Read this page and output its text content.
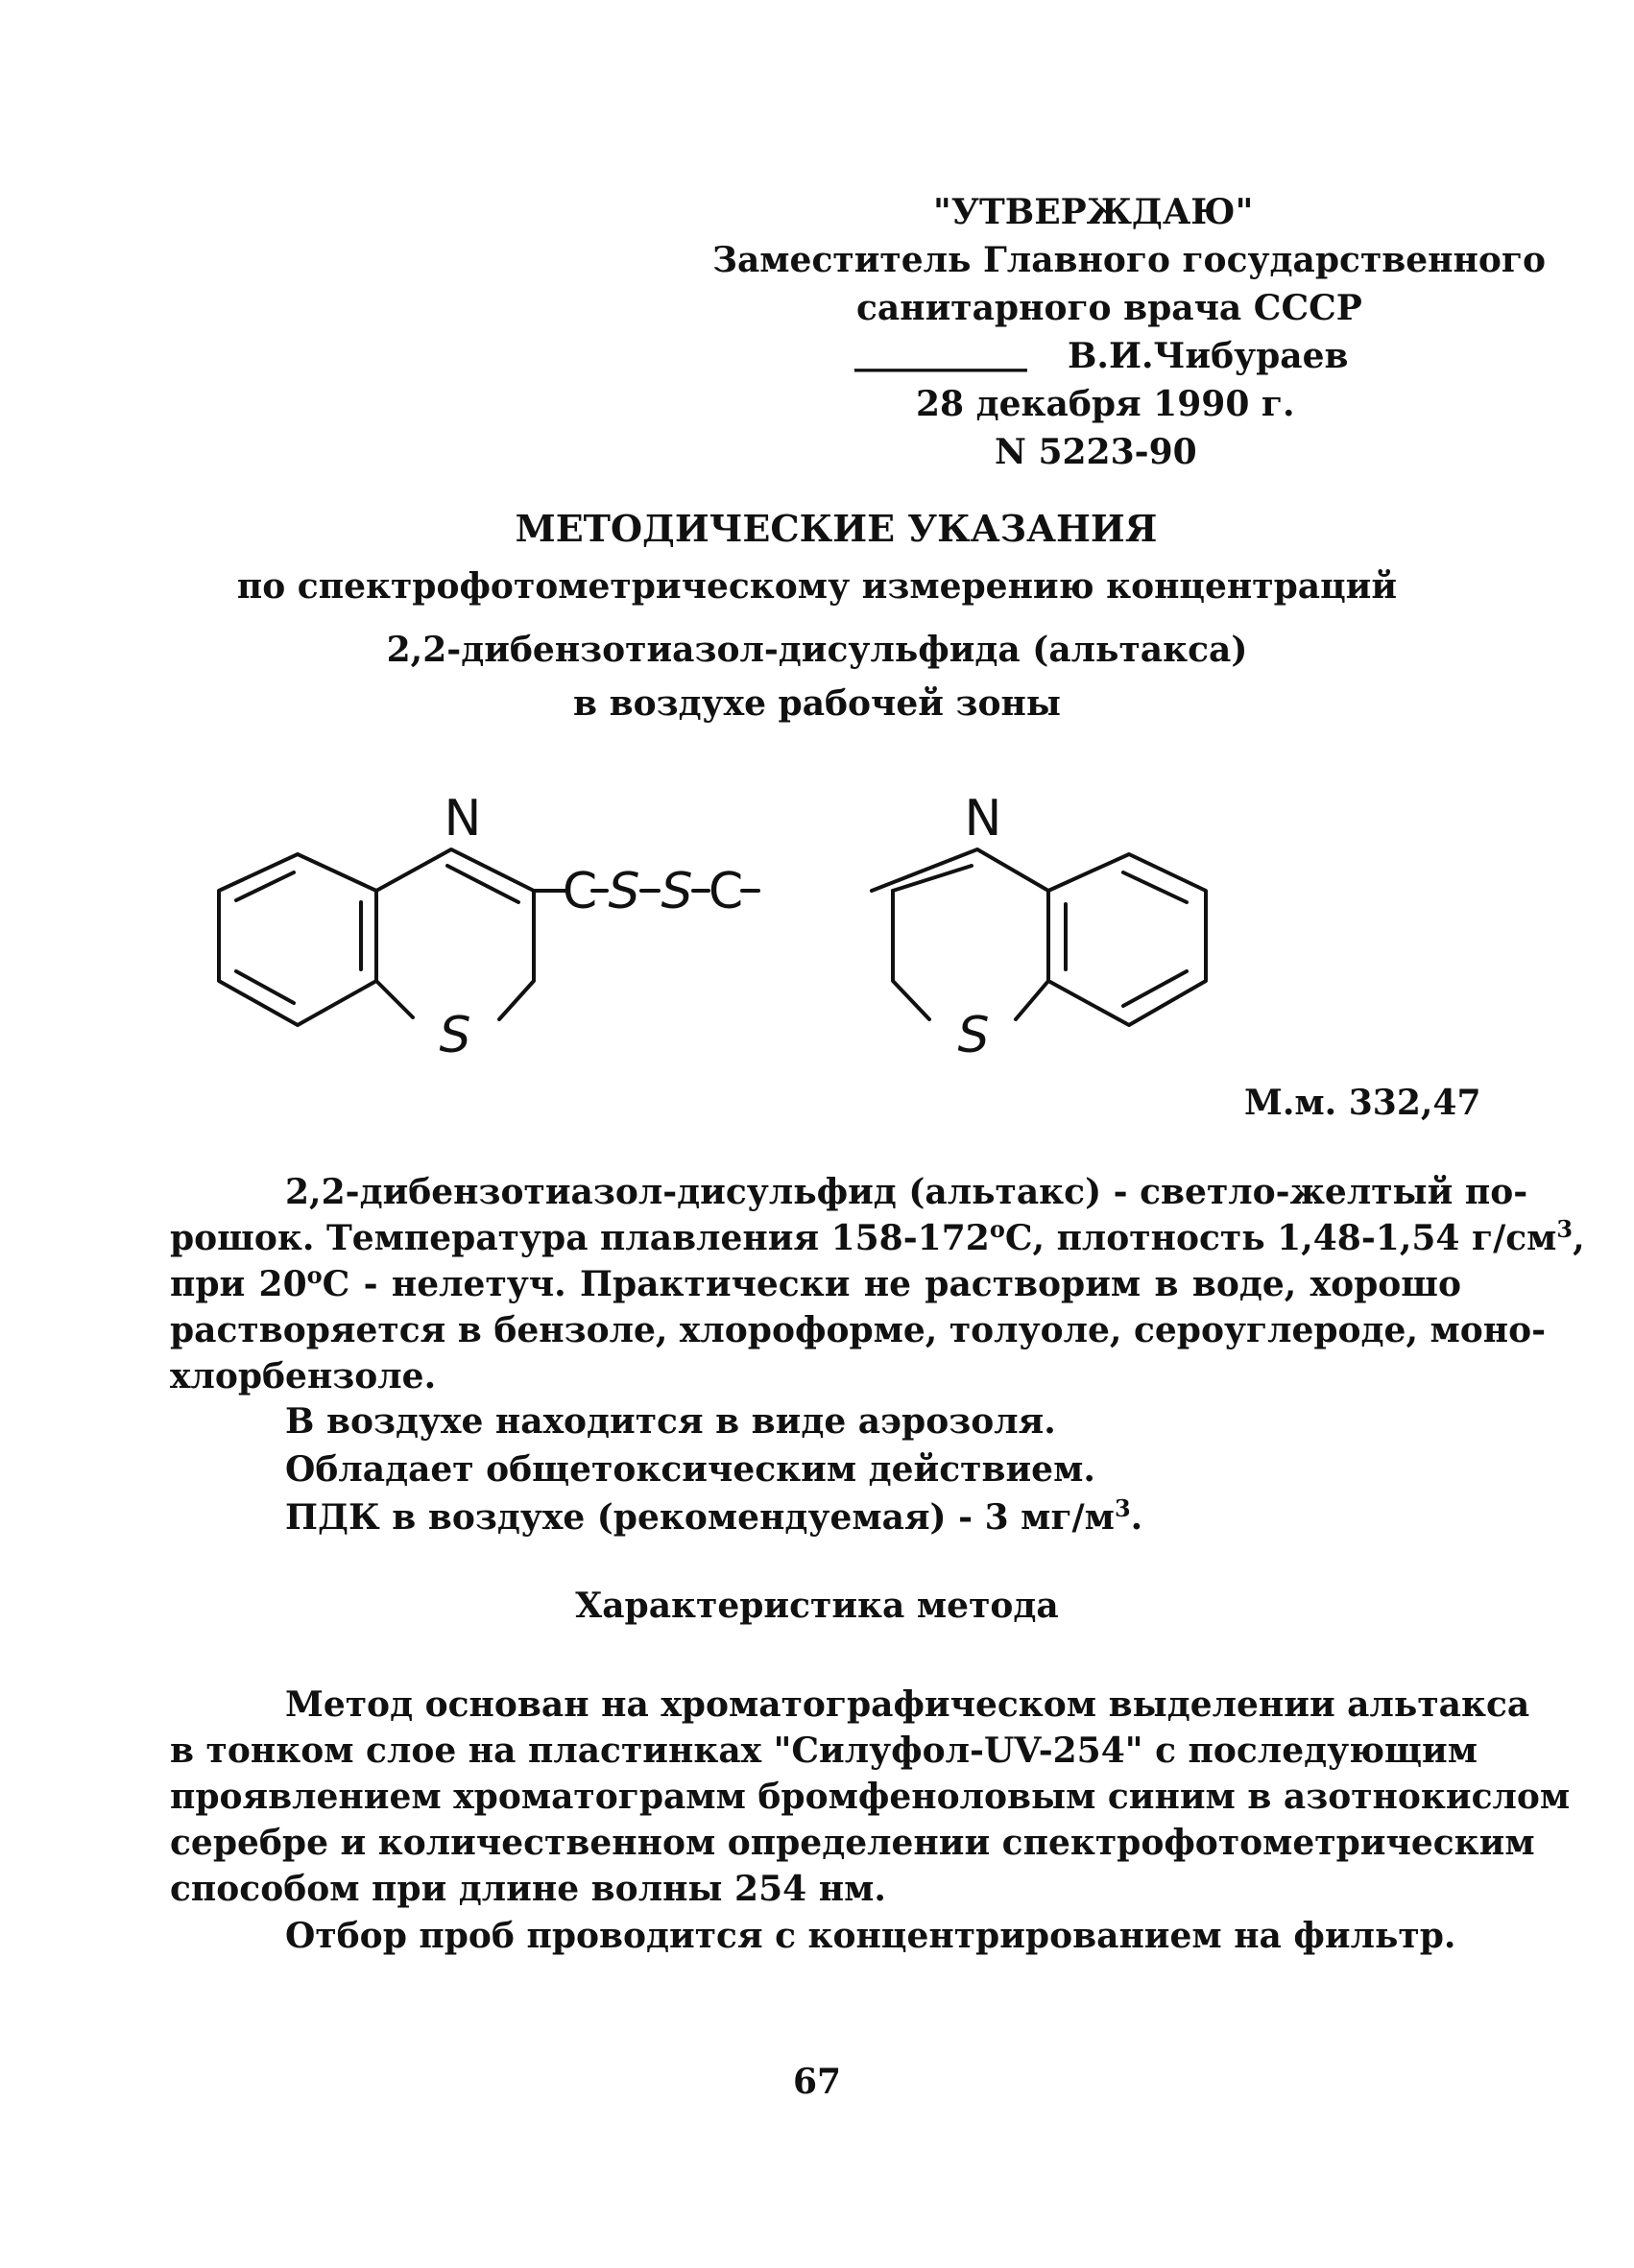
"УТВЕРЖДАЮ"
Заместитель Главного государственного
санитарного врача СССР
__________ В.И.Чибураев
28 декабря 1990 г.
N 5223-90
МЕТОДИЧЕСКИЕ УКАЗАНИЯ
по спектрофотометрическому измерению концентраций
2,2-дибензотиазол-дисульфида (альтакса)
в воздухе рабочей зоны
N
S
C S S C
N
S
М.м. 332,47
2,2-дибензотиазол-дисульфид (альтакс) - светло-желтый по-
рошок. Температура плавления $158-172^оС$, плотность 1,48-1,54 $г/см^3$,
при $20^оС$ - нелетуч. Практически не растворим в воде, хорошо
растворяется в бензоле, хлороформе, толуоле, сероуглероде, моно-
хлорбензоле.
В воздухе находится в виде аэрозоля.
Обладает общетоксическим действием.
ПДК в воздухе (рекомендуемая) - 3 $мг/м^3$.
Характеристика метода
Метод основан на хроматографическом выделении альтакса
в тонком слое на пластинках "Силуфол-UV-254" с последующим
проявлением хроматограмм бромфеноловым синим в азотнокислом
серебре и количественном определении спектрофотометрическим
способом при длине волны 254 нм.
Отбор проб проводится с концентрированием на фильтр.
67
